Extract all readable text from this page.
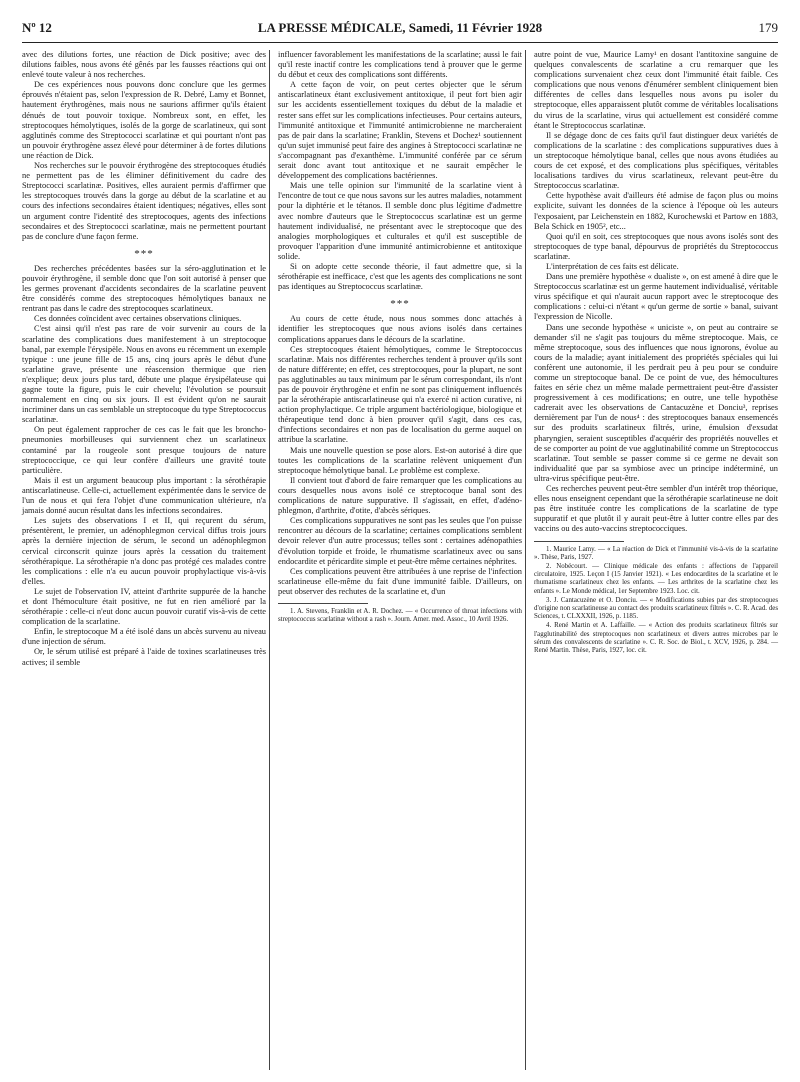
Nº 12	LA PRESSE MÉDICALE, Samedi, 11 Février 1928	179

avec des dilutions fortes, une réaction de Dick positive; avec des dilutions faibles, nous avons été gênés par les fausses réactions qui ont enlevé toute valeur à nos recherches.

De ces expériences nous pouvons donc conclure que les germes éprouvés n'étaient pas, selon l'expression de R. Debré, Lamy et Bonnet, hautement érythrogènes, mais nous ne saurions affirmer qu'ils étaient dénués de tout pouvoir toxique. Nombreux sont, en effet, les streptocoques hémolytiques, isolés de la gorge de scarlatineux, qui sont agglutinés comme des Streptococci scarlatinæ et qui pourtant n'ont pas un pouvoir érythrogène assez élevé pour déterminer à de fortes dilutions une réaction de Dick.

Nos recherches sur le pouvoir érythrogène des streptocoques étudiés ne permettent pas de les éliminer définitivement du cadre des Streptococci scarlatinæ. Positives, elles auraient permis d'affirmer que les streptocoques trouvés dans la gorge au début de la scarlatine et au cours des infections secondaires étaient identiques; négatives, elles sont un argument contre l'identité des streptocoques, agents des infections secondaires et des Streptococci scarlatinæ, mais ne permettent pourtant pas de conclure d'une façon ferme.

***

Des recherches précédentes basées sur la séro-agglutination et le pouvoir érythrogène, il semble donc que l'on soit autorisé à penser que les germes provenant d'accidents secondaires de la scarlatine peuvent être considérés comme des streptocoques hémolytiques banaux ne rentrant pas dans le cadre des streptocoques scarlatineux.

Ces données coïncident avec certaines observations cliniques.

C'est ainsi qu'il n'est pas rare de voir survenir au cours de la scarlatine des complications dues manifestement à un streptocoque banal, par exemple l'érysipèle. Nous en avons eu récemment un exemple typique : une jeune fille de 15 ans, cinq jours après le début d'une scarlatine grave, présente une réascension thermique que rien n'explique; deux jours plus tard, débute une plaque érysipélateuse qui gagne toute la figure, puis le cuir chevelu; l'évolution se poursuit normalement en cinq ou six jours. Il est évident qu'on ne saurait incriminer dans un cas semblable un streptocoque du type Streptococcus scarlatinæ.

On peut également rapprocher de ces cas le fait que les broncho-pneumonies morbilleuses qui surviennent chez un scarlatineux contaminé par la rougeole sont presque toujours de nature streptococcique, ce qui leur confère d'ailleurs une gravité toute particulière.

Mais il est un argument beaucoup plus important : la sérothérapie antiscarlatineuse. Celle-ci, actuellement expérimentée dans le service de l'un de nous et qui fera l'objet d'une communication ultérieure, n'a jamais donné aucun résultat dans les infections secondaires.

Les sujets des observations I et II, qui reçurent du sérum, présentèrent, le premier, un adénophlegmon cervical diffus trois jours après la dernière injection de sérum, le second un adénophlegmon cervical circonscrit quinze jours après la cessation du traitement sérothérapique. La sérothérapie n'a donc pas protégé ces malades contre les complications : elle n'a eu aucun pouvoir prophylactique vis-à-vis d'elles.

Le sujet de l'observation IV, atteint d'arthrite suppurée de la hanche et dont l'hémoculture était positive, ne fut en rien amélioré par la sérothérapie : celle-ci n'eut donc aucun pouvoir curatif vis-à-vis de cette complication de la scarlatine.

Enfin, le streptocoque M a été isolé dans un abcès survenu au niveau d'une injection de sérum.

Or, le sérum utilisé est préparé à l'aide de toxines scarlatineuses très actives; il semble

influencer favorablement les manifestations de la scarlatine; aussi le fait qu'il reste inactif contre les complications tend à prouver que le germe du début et ceux des complications sont différents.

A cette façon de voir, on peut certes objecter que le sérum antiscarlatineux étant exclusivement antitoxique, il peut fort bien agir sur les accidents essentiellement toxiques du début de la maladie et rester sans effet sur les complications infectieuses. Pour certains auteurs, l'immunité antitoxique et l'immunité antimicrobienne ne marcheraient pas de pair dans la scarlatine; Franklin, Stevens et Dochez¹ soutiennent qu'un sujet immunisé peut faire des angines à Streptococci scarlatinæ ne s'accompagnant pas d'exanthème. L'immunité conférée par ce sérum serait donc avant tout antitoxique et ne saurait empêcher le développement des complications bactériennes.

Mais une telle opinion sur l'immunité de la scarlatine vient à l'encontre de tout ce que nous savons sur les autres maladies, notamment pour la diphtérie et le tétanos. Il semble donc plus légitime d'admettre avec nombre d'auteurs que le Streptococcus scarlatinæ est un germe hautement individualisé, ne présentant avec le streptocoque que des analogies morphologiques et culturales et qu'il est susceptible de provoquer l'apparition d'une immunité antimicrobienne et antitoxique solide.

Si on adopte cette seconde théorie, il faut admettre que, si la sérothérapie est inefficace, c'est que les agents des complications ne sont pas identiques au Streptococcus scarlatinæ.

***

Au cours de cette étude, nous nous sommes donc attachés à identifier les streptocoques que nous avions isolés dans certaines complications apparues dans le décours de la scarlatine.

Ces streptocoques étaient hémolytiques, comme le Streptococcus scarlatinæ. Mais nos différentes recherches tendent à prouver qu'ils sont de nature différente; en effet, ces streptocoques, pour la plupart, ne sont pas agglutinables au taux minimum par le sérum correspondant, ils n'ont pas de pouvoir érythrogène et enfin ne sont pas cliniquement influencés par la sérothérapie antiscarlatineuse qui n'a exercé ni action curative, ni action prophylactique. Ce triple argument bactériologique, biologique et thérapeutique tend donc à bien prouver qu'il s'agit, dans ces cas, d'infections secondaires et non pas de localisation du germe auquel on attribue la scarlatine.

Mais une nouvelle question se pose alors. Est-on autorisé à dire que toutes les complications de la scarlatine relèvent uniquement d'un streptocoque hémolytique banal. Le problème est complexe.

Il convient tout d'abord de faire remarquer que les complications au cours desquelles nous avons isolé ce streptocoque banal sont des complications de nature suppurative. Il s'agissait, en effet, d'adéno-phlegmon, d'arthrite, d'otite, d'abcès sériques.

Ces complications suppuratives ne sont pas les seules que l'on puisse rencontrer au décours de la scarlatine; certaines complications semblent devoir relever d'un autre processus; telles sont : certaines adénopathies d'évolution torpide et froide, le rhumatisme scarlatineux avec ou sans endocardite et péricardite simple et peut-être même certaines néphrites.

Ces complications peuvent être attribuées à une reprise de l'infection scarlatineuse elle-même du fait d'une immunité faible. D'ailleurs, on peut observer des rechutes de la scarlatine et, d'un

1. A. Stevens, Franklin et A. R. Dochez. — « Occurrence of throat infections with streptococcus scarlatinæ without a rash ». Journ. Amer. med. Assoc., 10 Avril 1926.

autre point de vue, Maurice Lamy¹ en dosant l'antitoxine sanguine de quelques convalescents de scarlatine a cru remarquer que les complications survenaient chez ceux dont l'immunité était faible. Ces complications que nous venons d'énumérer semblent cliniquement bien différentes de celles dans lesquelles nous avons pu isoler du streptocoque, elles apparaissent plutôt comme de véritables localisations du virus de la scarlatine, virus qui actuellement est considéré comme étant le Streptococcus scarlatinæ.

Il se dégage donc de ces faits qu'il faut distinguer deux variétés de complications de la scarlatine : des complications suppuratives dues à un streptocoque hémolytique banal, celles que nous avons étudiées au cours de cet exposé, et des complications plus spécifiques, véritables localisations tardives du virus scarlatineux, relevant peut-être du Streptococcus scarlatinæ.

Cette hypothèse avait d'ailleurs été admise de façon plus ou moins explicite, suivant les données de la science à l'époque où les auteurs l'exposaient, par Leichenstein en 1882, Kurochewski et Partow en 1883, Bela Schick en 1905², etc...

Quoi qu'il en soit, ces streptocoques que nous avons isolés sont des streptocoques de type banal, dépourvus de propriétés du Streptococcus scarlatinæ.

L'interprétation de ces faits est délicate.

Dans une première hypothèse « dualiste », on est amené à dire que le Streptococcus scarlatinæ est un germe hautement individualisé, véritable virus spécifique et qui n'aurait aucun rapport avec le streptocoque des complications : celui-ci n'étant « qu'un germe de sortie » banal, suivant l'expression de Nicolle.

Dans une seconde hypothèse « uniciste », on peut au contraire se demander s'il ne s'agit pas toujours du même streptocoque. Mais, ce même streptocoque, sous des influences que nous ignorons, évolue au cours de la maladie; ayant initialement des propriétés spéciales qui lui confèrent une autonomie, il les perdrait peu à peu pour se conduire comme un streptocoque banal. De ce point de vue, des hémocultures faites en série chez un même malade permettraient peut-être d'assister progressivement à ces modifications; en outre, une telle hypothèse cadrerait avec les observations de Cantacuzène et Donciu³, reprises dernièrement par l'un de nous⁴ : des streptocoques banaux ensemencés sur des produits scarlatineux filtrés, urine, émulsion d'exsudat pharyngien, seraient susceptibles d'acquérir des propriétés nouvelles et de se comporter au point de vue agglutinabilité comme un Streptococcus scarlatinæ. Tout semble se passer comme si ce germe ne devait son individualité que par sa symbiose avec un principe indéterminé, un ultra-virus spécifique peut-être.

Ces recherches peuvent peut-être sembler d'un intérêt trop théorique, elles nous enseignent cependant que la sérothérapie scarlatineuse ne doit pas être instituée contre les complications de la scarlatine de type suppuratif et que plutôt il y aurait peut-être à lutter contre elles par des vaccins ou des auto-vaccins streptococciques.

1. Maurice Lamy. — « La réaction de Dick et l'immunité vis-à-vis de la scarlatine ». Thèse, Paris, 1927.

2. Nobécourt. — Clinique médicale des enfants : affections de l'appareil circulatoire, 1925. Leçon I (15 Janvier 1921). « Les endocardites de la scarlatine et le rhumatisme scarlatineux chez les enfants. — Les arthrites de la scarlatine chez les enfants ». Le Monde médical, 1er Septembre 1923. Loc. cit.

3. J. Cantacuzène et O. Donciu. — « Modifications subies par des streptocoques d'origine non scarlatineuse au contact des produits scarlatineux filtrés ». C. R. Acad. des Sciences, t. CLXXXII, 1926, p. 1185.

4. René Martin et A. Laffaille. — « Action des produits scarlatineux filtrés sur l'agglutinabilité des streptocoques non scarlatineux et divers autres microbes par le sérum des convalescents de scarlatine ». C. R. Soc. de Biol., t. XCV, 1926, p. 284. — René Martin. Thèse, Paris, 1927, loc. cit.
